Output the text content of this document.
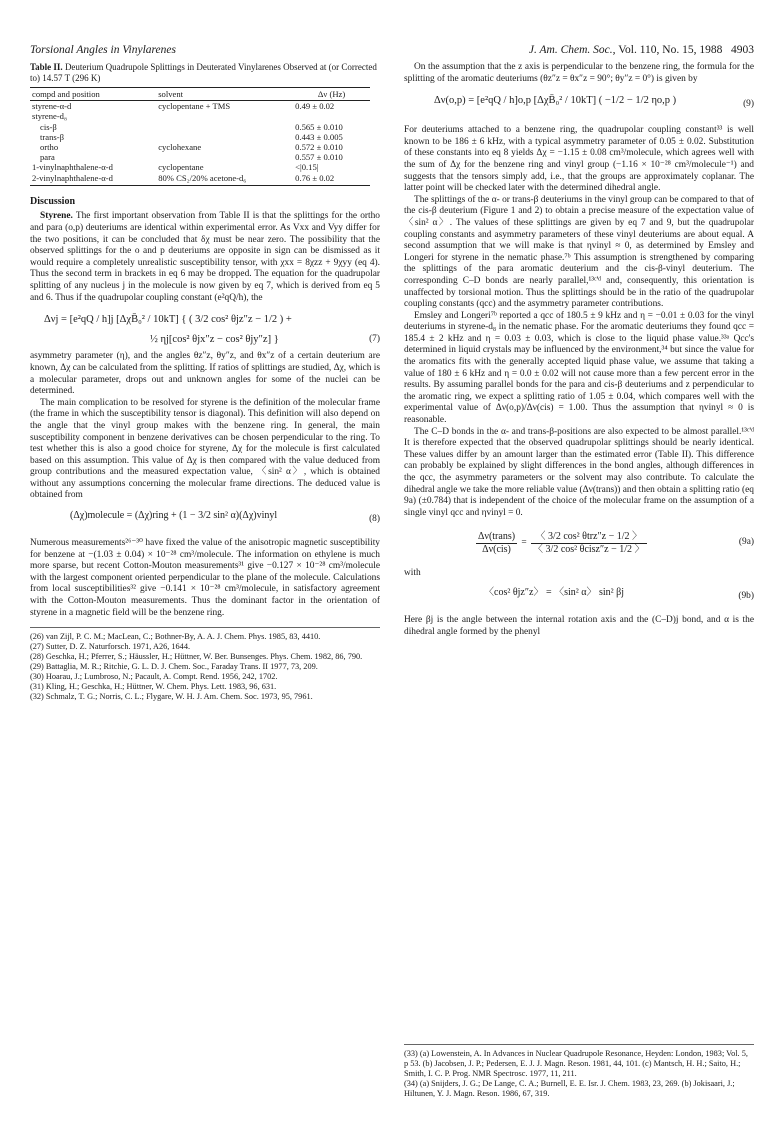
Torsional Angles in Vinylarenes	J. Am. Chem. Soc., Vol. 110, No. 15, 1988 4903
Table II. Deuterium Quadrupole Splittings in Deuterated Vinylarenes Observed at (or Corrected to) 14.57 T (296 K)
compd and position	solvent	Δν (Hz)
styrene-α-d	cyclopentane + TMS	0.49 ± 0.02
styrene-d₈		
cis-β		0.565 ± 0.010
trans-β		0.443 ± 0.005
ortho	cyclohexane	0.572 ± 0.010
para		0.557 ± 0.010
1-vinylnaphthalene-α-d	cyclopentane	<|0.15|
2-vinylnaphthalene-α-d	80% CS₂/20% acetone-d₆	0.76 ± 0.02
Discussion

Styrene. The first important observation from Table II is that the splittings for the ortho and para (o,p) deuteriums are identical within experimental error. As Vxx and Vyy differ for the two positions, it can be concluded that δχ must be near zero. The possibility that the observed splittings for the o and p deuteriums are opposite in sign can be dismissed as it would require a completely unrealistic susceptibility tensor, with χxx = 8χzz + 9χyy (eq 4). Thus the second term in brackets in eq 6 may be dropped. The equation for the quadrupolar splitting of any nucleus j in the molecule is now given by eq 7, which is derived from eq 5 and 6. Thus if the quadrupolar coupling constant (e²qQ/h), the

Δνj = [e²qQ / h]j [ΔχB̄₀² / 10kT] { ( 3/2 cos² θjz″z − 1/2 ) +
½ ηj[cos² θjx″z − cos² θjy″z] }	(7)

asymmetry parameter (η), and the angles θz″z, θy″z, and θx″z of a certain deuterium are known, Δχ can be calculated from the splitting. If ratios of splittings are studied, Δχ, which is a molecular parameter, drops out and unknown angles for some of the nuclei can be determined.

The main complication to be resolved for styrene is the definition of the molecular frame (the frame in which the susceptibility tensor is diagonal). This definition will also depend on the angle that the vinyl group makes with the benzene ring. In general, the main susceptibility component in benzene derivatives can be chosen perpendicular to the ring. To test whether this is also a good choice for styrene, Δχ for the molecule is first calculated based on this assumption. This value of Δχ is then compared with the value deduced from group contributions and the measured expectation value, 〈sin² α〉, which is obtained without any assumptions concerning the molecular frame directions. The deduced value is obtained from

(Δχ)molecule = (Δχ)ring + (1 − 3/2 sin² α)(Δχ)vinyl	(8)

Numerous measurements²⁶⁻³⁰ have fixed the value of the anisotropic magnetic susceptibility for benzene at −(1.03 ± 0.04) × 10⁻²⁸ cm³/molecule. The information on ethylene is much more sparse, but recent Cotton-Mouton measurements³¹ give −0.127 × 10⁻²⁸ cm³/molecule with the largest component oriented perpendicular to the plane of the molecule. Calculations from local susceptibilities³² give −0.141 × 10⁻²⁸ cm³/molecule, in satisfactory agreement with the Cotton-Mouton measurements. Thus the dominant factor in the orientation of styrene in a magnetic field will be the benzene ring.

(26) van Zijl, P. C. M.; MacLean, C.; Bothner-By, A. A. J. Chem. Phys. 1985, 83, 4410.
(27) Sutter, D. Z. Naturforsch. 1971, A26, 1644.
(28) Geschka, H.; Pferrer, S.; Häussler, H.; Hüttner, W. Ber. Bunsenges. Phys. Chem. 1982, 86, 790.
(29) Battaglia, M. R.; Ritchie, G. L. D. J. Chem. Soc., Faraday Trans. II 1977, 73, 209.
(30) Hoarau, J.; Lumbroso, N.; Pacault, A. Compt. Rend. 1956, 242, 1702.
(31) Kling, H.; Geschka, H.; Hüttner, W. Chem. Phys. Lett. 1983, 96, 631.
(32) Schmalz, T. G.; Norris, C. L.; Flygare, W. H. J. Am. Chem. Soc. 1973, 95, 7961.

On the assumption that the z axis is perpendicular to the benzene ring, the formula for the splitting of the aromatic deuteriums (θz″z = θx″z = 90°; θy″z = 0°) is given by

Δν(o,p) = [e²qQ / h]o,p [ΔχB̄₀² / 10kT] ( −1/2 − 1/2 ηo,p )	(9)

For deuteriums attached to a benzene ring, the quadrupolar coupling constant³³ is well known to be 186 ± 6 kHz, with a typical asymmetry parameter of 0.05 ± 0.02. Substitution of these constants into eq 8 yields Δχ = −1.15 ± 0.08 cm³/molecule, which agrees well with the sum of Δχ for the benzene ring and vinyl group (−1.16 × 10⁻²⁸ cm³/molecule⁻¹) and suggests that the tensors simply add, i.e., that the groups are approximately coplanar. The latter point will be checked later with the determined dihedral angle.

The splittings of the α- or trans-β deuteriums in the vinyl group can be compared to that of the cis-β deuterium (Figure 1 and 2) to obtain a precise measure of the expectation value of 〈sin² α〉. The values of these splittings are given by eq 7 and 9, but the quadrupolar coupling constants and asymmetry parameters of these vinyl deuteriums are about equal. A second assumption that we will make is that ηvinyl ≈ 0, as determined by Emsley and Longeri for styrene in the nematic phase.⁷ᵇ This assumption is strengthened by comparing the splittings of the para aromatic deuterium and the cis-β-vinyl deuterium. The corresponding C–D bonds are nearly parallel,¹³ᶜ'ᵈ and, consequently, this orientation is unaffected by torsional motion. Thus the splittings should be in the ratio of the quadrupolar coupling constants (qcc) and the asymmetry parameter contributions.

Emsley and Longeri⁷ᵇ reported a qcc of 180.5 ± 9 kHz and η = −0.01 ± 0.03 for the vinyl deuteriums in styrene-d₈ in the nematic phase. For the aromatic deuteriums they found qcc = 185.4 ± 2 kHz and η = 0.03 ± 0.03, which is close to the liquid phase value.³³ᵃ Qcc's determined in liquid crystals may be influenced by the environment,³⁴ but since the value for the aromatics fits with the generally accepted liquid phase value, we assume that taking a value of 180 ± 6 kHz and η = 0.0 ± 0.02 will not cause more than a few percent error in the results. By assuming parallel bonds for the para and cis-β deuteriums and z perpendicular to the aromatic ring, we expect a splitting ratio of 1.05 ± 0.04, which compares well with the experimental value of Δν(o,p)/Δν(cis) = 1.00. Thus the assumption that ηvinyl ≈ 0 is reasonable.

The C–D bonds in the α- and trans-β-positions are also expected to be almost parallel.¹³ᶜ'ᵈ It is therefore expected that the observed quadrupolar splittings should be nearly identical. These values differ by an amount larger than the estimated error (Table II). This difference can probably be explained by slight differences in the bond angles, although differences in the qcc, the asymmetry parameters or the solvent may also contribute. To calculate the dihedral angle we take the more reliable value (Δν(trans)) and then obtain a splitting ratio (eq 9a) (±0.784) that is independent of the choice of the molecular frame on the assumption of a single vinyl qcc and ηvinyl = 0.

$\frac{\text{Δν(trans)}}{\text{Δν(cis)}} = \frac{\text{〈 3/2 cos² θtrz″z − 1/2 〉}}{\text{〈 3/2 cos² θcisz″z − 1/2 〉}}$	(9a)

with

〈cos² θjz″z〉 = 〈sin² α〉 sin² βj	(9b)

Here βj is the angle between the internal rotation axis and the (C–D)j bond, and α is the dihedral angle formed by the phenyl

(33) (a) Lowenstein, A. In Advances in Nuclear Quadrupole Resonance, Heyden: London, 1983; Vol. 5, p 53. (b) Jacobsen, J. P.; Pedersen, E. J. J. Magn. Reson. 1981, 44, 101. (c) Mantsch, H. H.; Saito, H.; Smith, I. C. P. Prog. NMR Spectrosc. 1977, 11, 211.
(34) (a) Snijders, J. G.; De Lange, C. A.; Burnell, E. E. Isr. J. Chem. 1983, 23, 269. (b) Jokisaari, J.; Hiltunen, Y. J. Magn. Reson. 1986, 67, 319.
